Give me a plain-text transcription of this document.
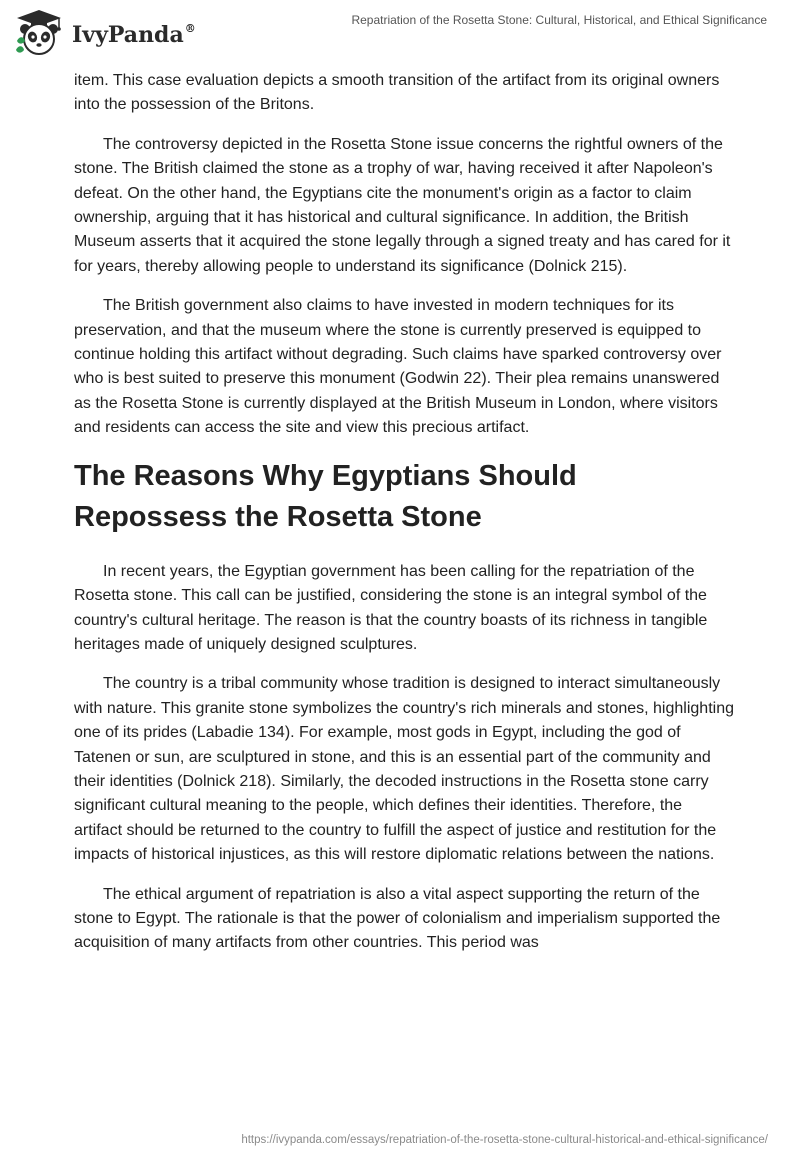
IvyPanda®
Repatriation of the Rosetta Stone: Cultural, Historical, and Ethical Significance

item. This case evaluation depicts a smooth transition of the artifact from its original owners into the possession of the Britons.

The controversy depicted in the Rosetta Stone issue concerns the rightful owners of the stone. The British claimed the stone as a trophy of war, having received it after Napoleon's defeat. On the other hand, the Egyptians cite the monument's origin as a factor to claim ownership, arguing that it has historical and cultural significance. In addition, the British Museum asserts that it acquired the stone legally through a signed treaty and has cared for it for years, thereby allowing people to understand its significance (Dolnick 215).

The British government also claims to have invested in modern techniques for its preservation, and that the museum where the stone is currently preserved is equipped to continue holding this artifact without degrading. Such claims have sparked controversy over who is best suited to preserve this monument (Godwin 22). Their plea remains unanswered as the Rosetta Stone is currently displayed at the British Museum in London, where visitors and residents can access the site and view this precious artifact.

The Reasons Why Egyptians Should Repossess the Rosetta Stone

In recent years, the Egyptian government has been calling for the repatriation of the Rosetta stone. This call can be justified, considering the stone is an integral symbol of the country's cultural heritage. The reason is that the country boasts of its richness in tangible heritages made of uniquely designed sculptures.

The country is a tribal community whose tradition is designed to interact simultaneously with nature. This granite stone symbolizes the country's rich minerals and stones, highlighting one of its prides (Labadie 134). For example, most gods in Egypt, including the god of Tatenen or sun, are sculptured in stone, and this is an essential part of the community and their identities (Dolnick 218). Similarly, the decoded instructions in the Rosetta stone carry significant cultural meaning to the people, which defines their identities. Therefore, the artifact should be returned to the country to fulfill the aspect of justice and restitution for the impacts of historical injustices, as this will restore diplomatic relations between the nations.

The ethical argument of repatriation is also a vital aspect supporting the return of the stone to Egypt. The rationale is that the power of colonialism and imperialism supported the acquisition of many artifacts from other countries. This period was

https://ivypanda.com/essays/repatriation-of-the-rosetta-stone-cultural-historical-and-ethical-significance/
